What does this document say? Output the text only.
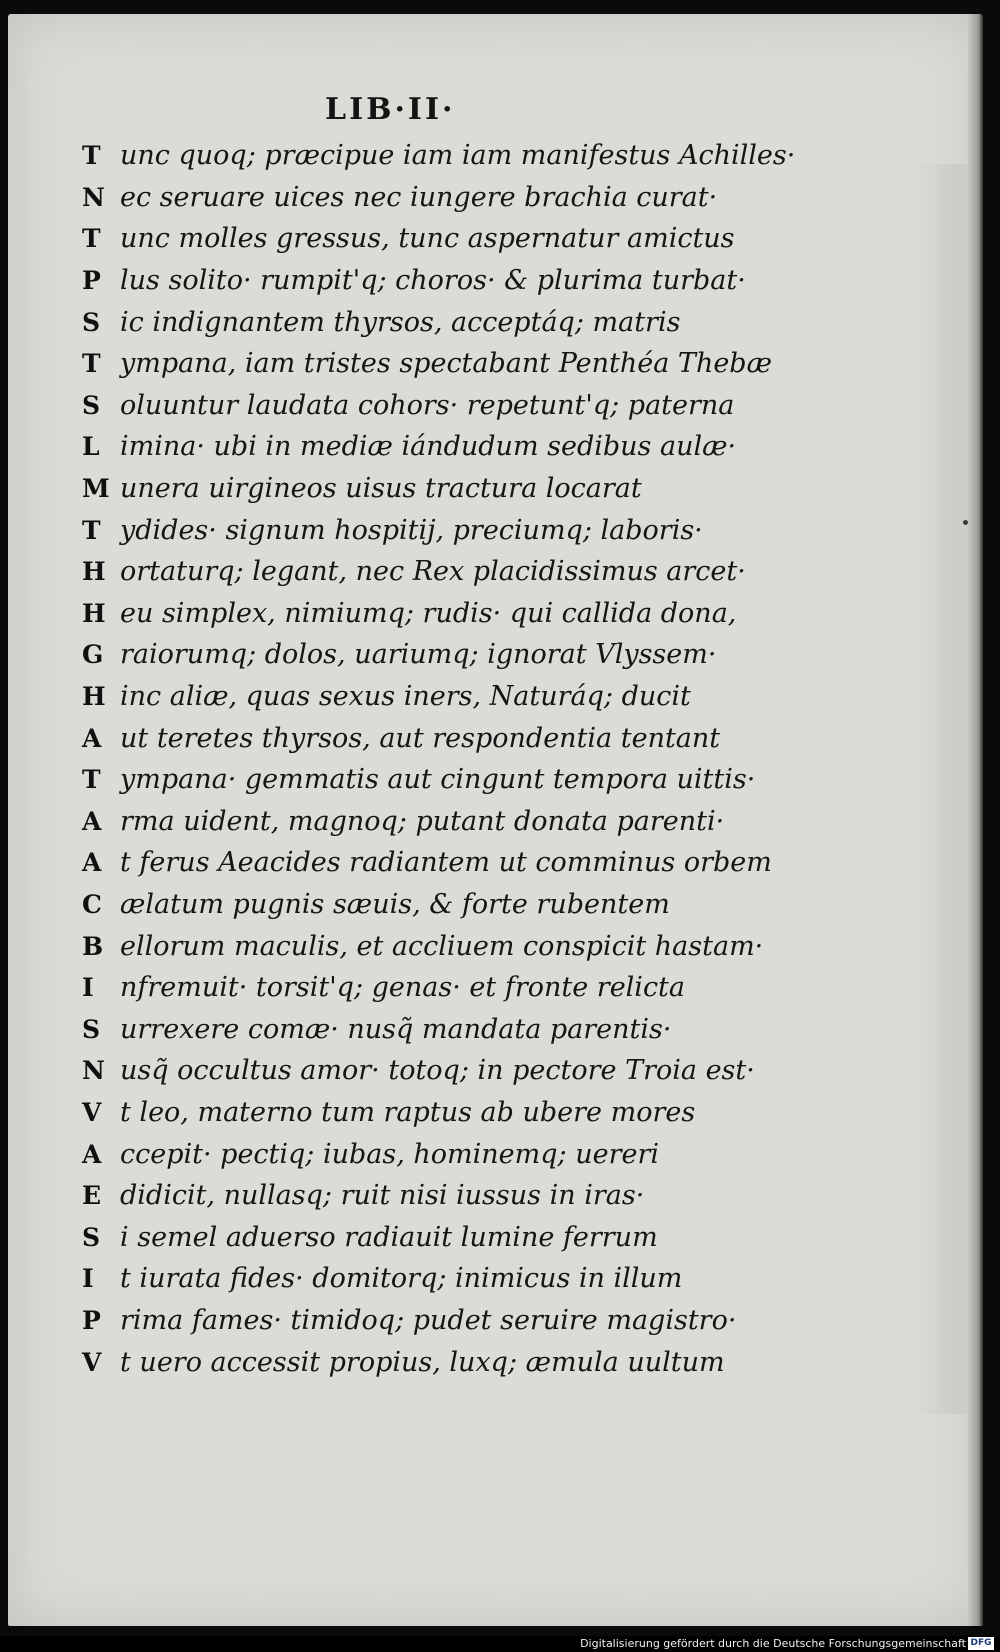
LIB·II·
T unc quoq; præcipue iam iam manifestus Achilles·
N ec seruare uices nec iungere brachia curat·
T unc molles gressus, tunc aspernatur amictus
P lus solito· rumpit'q; choros· & plurima turbat·
S ic indignantem thyrsos, acceptáq; matris
T ympana, iam tristes spectabant Penthéa Thebæ
S oluuntur laudata cohors· repetunt'q; paterna
L imina· ubi in mediæ iándudum sedibus aulæ·
M unera uirgineos uisus tractura locarat
T ydides· signum hospitij, preciumq; laboris·
H ortaturq; legant, nec Rex placidissimus arcet·
H eu simplex, nimiumq; rudis· qui callida dona,
G raiorumq; dolos, uariumq; ignorat Vlyssem·
H inc aliæ, quas sexus iners, Naturáq; ducit
A ut teretes thyrsos, aut respondentia tentant
T ympana· gemmatis aut cingunt tempora uittis·
A rma uident, magnoq; putant donata parenti·
A t ferus Aeacides radiantem ut comminus orbem
C ælatum pugnis sæuis, & forte rubentem
B ellorum maculis, et accliuem conspicit hastam·
I nfremuit· torsit'q; genas· et fronte relicta
S urrexere comæ· nusq̃ mandata parentis·
N usq̃ occultus amor· totoq; in pectore Troia est·
V t leo, materno tum raptus ab ubere mores
A ccepit· pectiq; iubas, hominemq; uereri
E didicit, nullasq; ruit nisi iussus in iras·
S i semel aduerso radiauit lumine ferrum
I t iurata fides· domitorq; inimicus in illum
P rima fames· timidoq; pudet seruire magistro·
V t uero accessit propius, luxq; æmula uultum
Digitalisierung gefördert durch die Deutsche Forschungsgemeinschaft DFG
